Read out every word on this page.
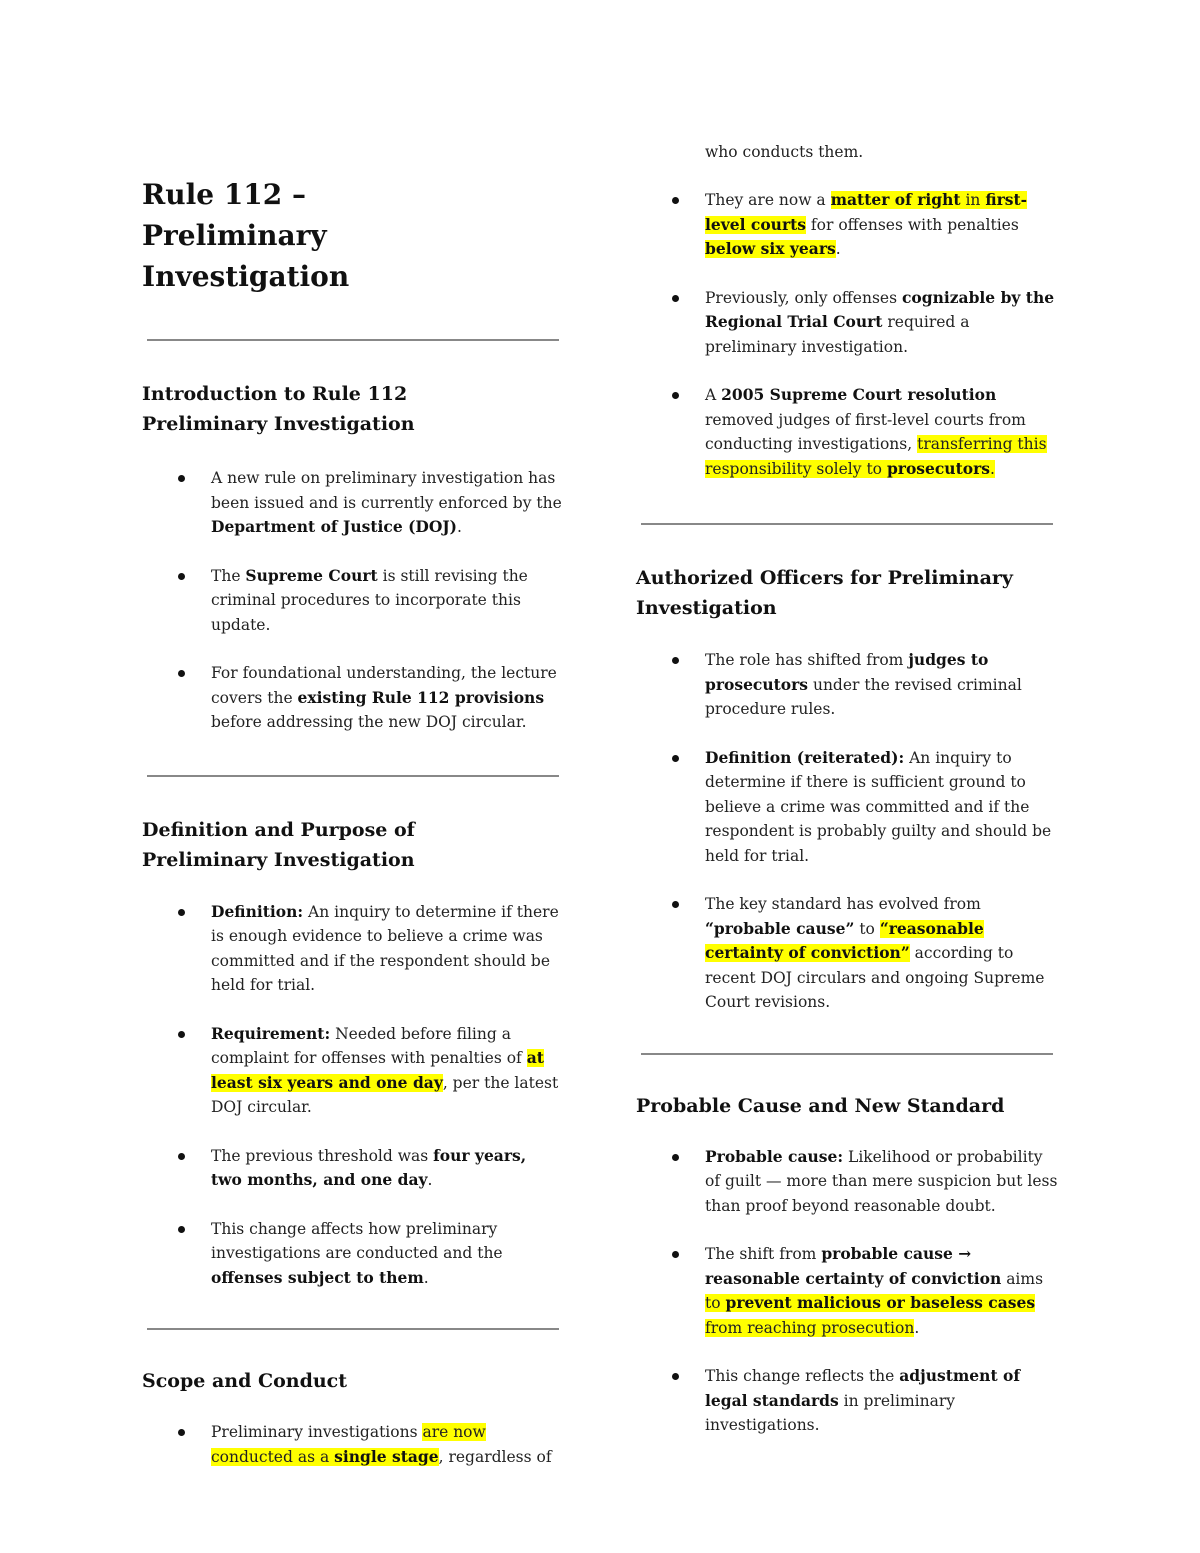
Rule 112 – Preliminary Investigation
Introduction to Rule 112 Preliminary Investigation
A new rule on preliminary investigation has been issued and is currently enforced by the Department of Justice (DOJ).
The Supreme Court is still revising the criminal procedures to incorporate this update.
For foundational understanding, the lecture covers the existing Rule 112 provisions before addressing the new DOJ circular.
Definition and Purpose of Preliminary Investigation
Definition: An inquiry to determine if there is enough evidence to believe a crime was committed and if the respondent should be held for trial.
Requirement: Needed before filing a complaint for offenses with penalties of at least six years and one day, per the latest DOJ circular.
The previous threshold was four years, two months, and one day.
This change affects how preliminary investigations are conducted and the offenses subject to them.
Scope and Conduct
Preliminary investigations are now conducted as a single stage, regardless of
who conducts them.
They are now a matter of right in first-level courts for offenses with penalties below six years.
Previously, only offenses cognizable by the Regional Trial Court required a preliminary investigation.
A 2005 Supreme Court resolution removed judges of first-level courts from conducting investigations, transferring this responsibility solely to prosecutors.
Authorized Officers for Preliminary Investigation
The role has shifted from judges to prosecutors under the revised criminal procedure rules.
Definition (reiterated): An inquiry to determine if there is sufficient ground to believe a crime was committed and if the respondent is probably guilty and should be held for trial.
The key standard has evolved from “probable cause” to “reasonable certainty of conviction” according to recent DOJ circulars and ongoing Supreme Court revisions.
Probable Cause and New Standard
Probable cause: Likelihood or probability of guilt — more than mere suspicion but less than proof beyond reasonable doubt.
The shift from probable cause → reasonable certainty of conviction aims to prevent malicious or baseless cases from reaching prosecution.
This change reflects the adjustment of legal standards in preliminary investigations.
